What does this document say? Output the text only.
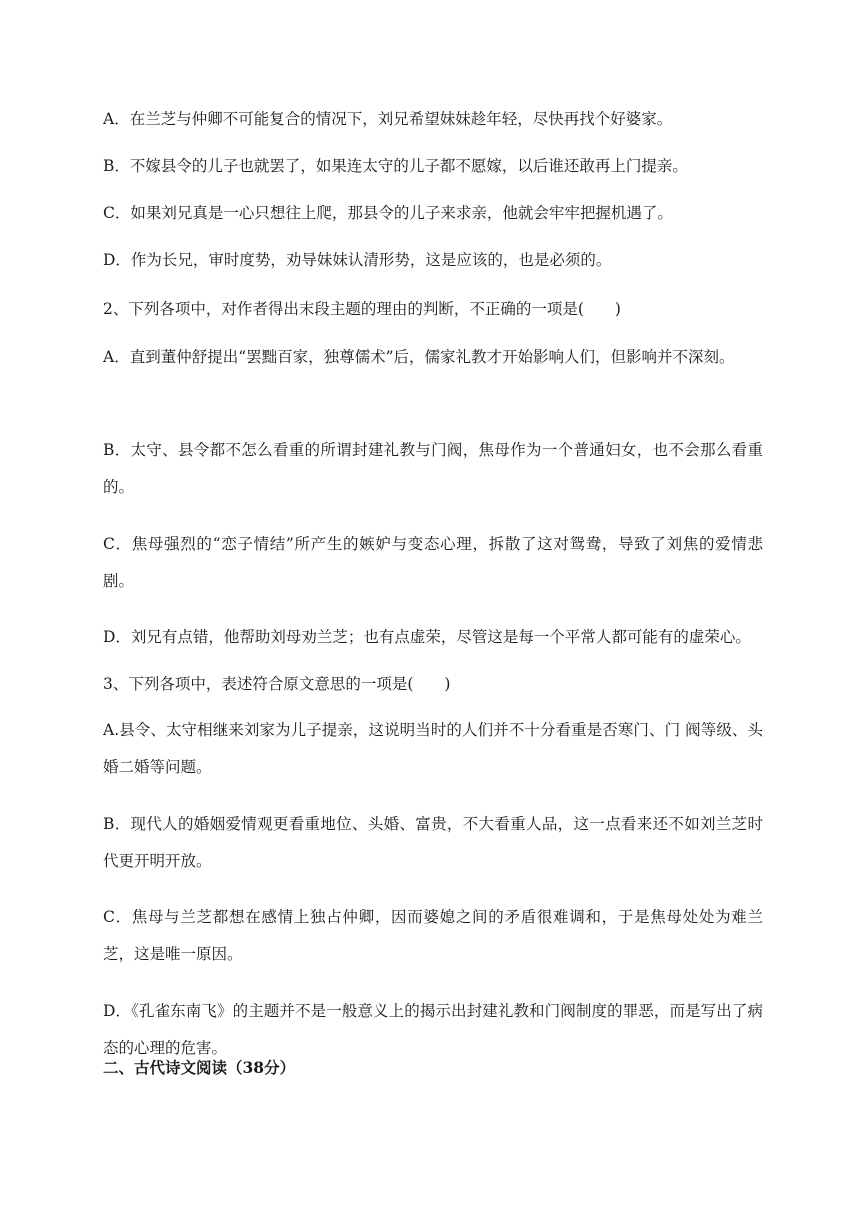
A．在兰芝与仲卿不可能复合的情况下，刘兄希望妹妹趁年轻，尽快再找个好婆家。

B．不嫁县令的儿子也就罢了，如果连太守的儿子都不愿嫁，以后谁还敢再上门提亲。

C．如果刘兄真是一心只想往上爬，那县令的儿子来求亲，他就会牢牢把握机遇了。

D．作为长兄，审时度势，劝导妹妹认清形势，这是应该的，也是必须的。

2、下列各项中，对作者得出末段主题的理由的判断，不正确的一项是(　　)

A．直到董仲舒提出“罢黜百家，独尊儒术”后，儒家礼教才开始影响人们，但影响并不深刻。

B．太守、县令都不怎么看重的所谓封建礼教与门阀，焦母作为一个普通妇女，也不会那么看重的。

C．焦母强烈的“恋子情结”所产生的嫉妒与变态心理，拆散了这对鸳鸯，导致了刘焦的爱情悲剧。

D．刘兄有点错，他帮助刘母劝兰芝；也有点虚荣，尽管这是每一个平常人都可能有的虚荣心。

3、下列各项中，表述符合原文意思的一项是(　　)

A.县令、太守相继来刘家为儿子提亲，这说明当时的人们并不十分看重是否寒门、门 阀等级、头婚二婚等问题。

B．现代人的婚姻爱情观更看重地位、头婚、富贵，不大看重人品，这一点看来还不如刘兰芝时代更开明开放。

C．焦母与兰芝都想在感情上独占仲卿，因而婆媳之间的矛盾很难调和，于是焦母处处为难兰芝，这是唯一原因。

D．《孔雀东南飞》的主题并不是一般意义上的揭示出封建礼教和门阀制度的罪恶，而是写出了病态的心理的危害。

二、古代诗文阅读（38分）
